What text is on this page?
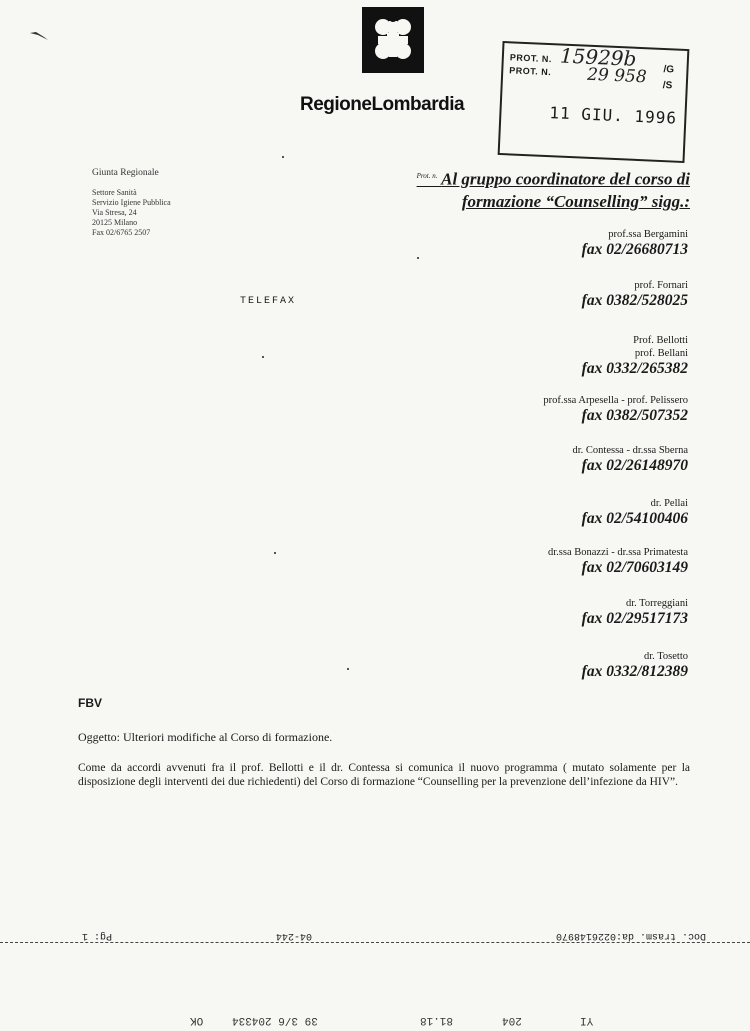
RegioneLombardia
PROT. N. 15929b	/G
PROT. N. 29 958 /S
11 GIU. 1996
Giunta Regionale
Settore Sanità
Servizio Igiene Pubblica
Via Stresa, 24
20125 Milano
Fax 02/6765 2507
TELEFAX
$^{Prot. n.}$ Al gruppo coordinatore del corso di
formazione “Counselling” sigg.:
prof.ssa Bergamini
fax 02/26680713
prof. Fornari
fax 0382/528025
Prof. Bellotti
prof. Bellani
fax 0332/265382
prof.ssa Arpesella - prof. Pelissero
fax 0382/507352
dr. Contessa - dr.ssa Sberna
fax 02/26148970
dr. Pellai
fax 02/54100406
dr.ssa Bonazzi - dr.ssa Primatesta
fax 02/70603149
dr. Torreggiani
fax 02/29517173
dr. Tosetto
fax 0332/812389
FBV
Oggetto: Ulteriori modifiche al Corso di formazione.
Come da accordi avvenuti fra il prof. Bellotti e il dr. Contessa si comunica il nuovo programma ( mutato solamente per la disposizione degli interventi dei due richiedenti) del Corso di formazione “Counselling per la prevenzione dell’infezione da HIV”.
Pg: 1	04-244	Doc. trasm. da:0226148970
YI
204
81.18
39 3/6 204334
OK
